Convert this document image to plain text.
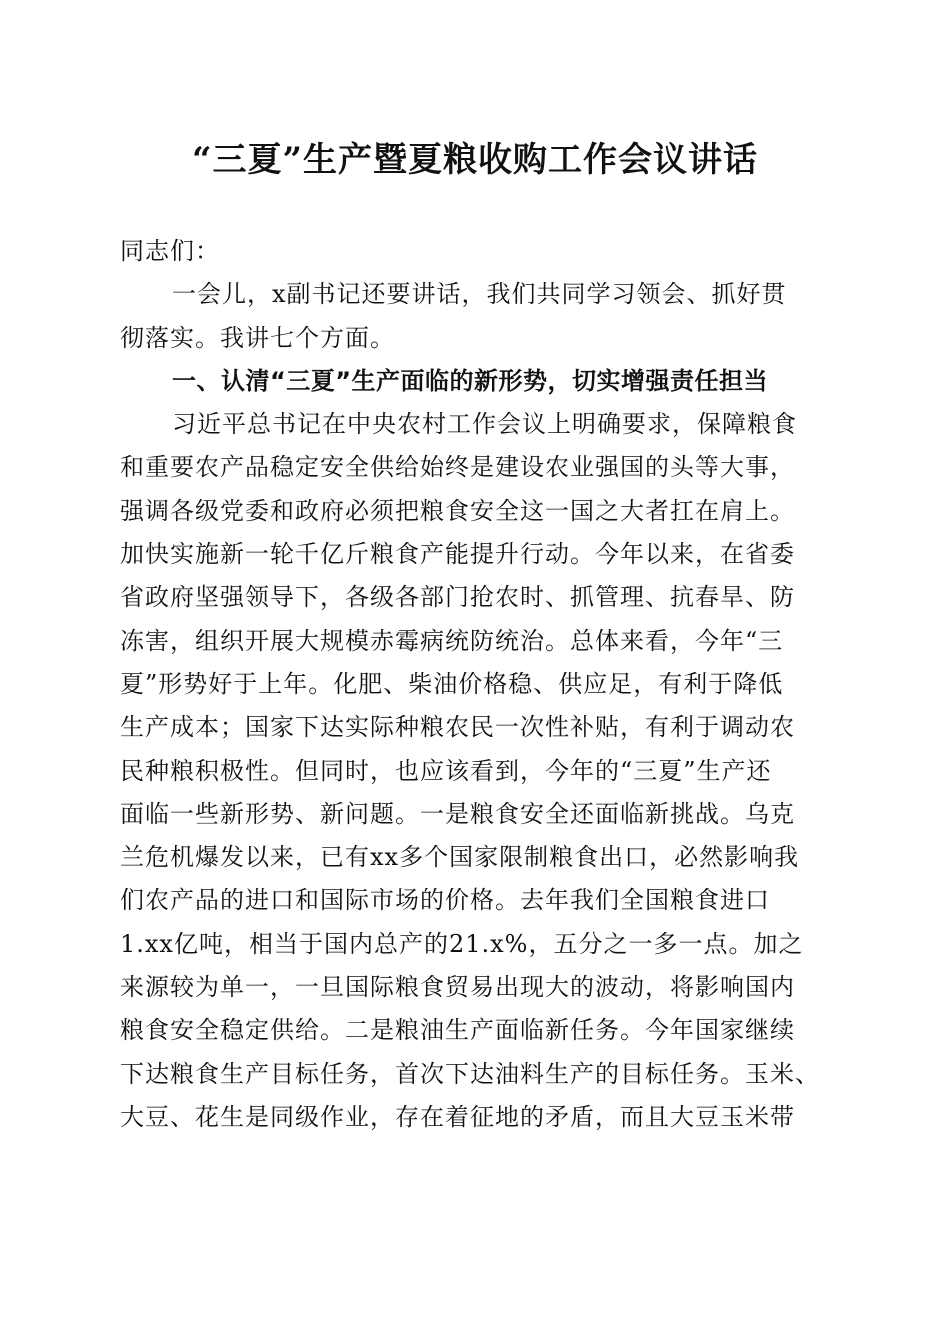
“三夏”生产暨夏粮收购工作会议讲话
同志们：
一会儿，x副书记还要讲话，我们共同学习领会、抓好贯
彻落实。我讲七个方面。
一、认清“三夏”生产面临的新形势，切实增强责任担当
习近平总书记在中央农村工作会议上明确要求，保障粮食
和重要农产品稳定安全供给始终是建设农业强国的头等大事，
强调各级党委和政府必须把粮食安全这一国之大者扛在肩上。
加快实施新一轮千亿斤粮食产能提升行动。今年以来，在省委
省政府坚强领导下，各级各部门抢农时、抓管理、抗春旱、防
冻害，组织开展大规模赤霉病统防统治。总体来看，今年“三
夏”形势好于上年。化肥、柴油价格稳、供应足，有利于降低
生产成本；国家下达实际种粮农民一次性补贴，有利于调动农
民种粮积极性。但同时，也应该看到，今年的“三夏”生产还
面临一些新形势、新问题。一是粮食安全还面临新挑战。乌克
兰危机爆发以来，已有xx多个国家限制粮食出口，必然影响我
们农产品的进口和国际市场的价格。去年我们全国粮食进口
1.xx亿吨，相当于国内总产的21.x%，五分之一多一点。加之
来源较为单一，一旦国际粮食贸易出现大的波动，将影响国内
粮食安全稳定供给。二是粮油生产面临新任务。今年国家继续
下达粮食生产目标任务，首次下达油料生产的目标任务。玉米、
大豆、花生是同级作业，存在着征地的矛盾，而且大豆玉米带
